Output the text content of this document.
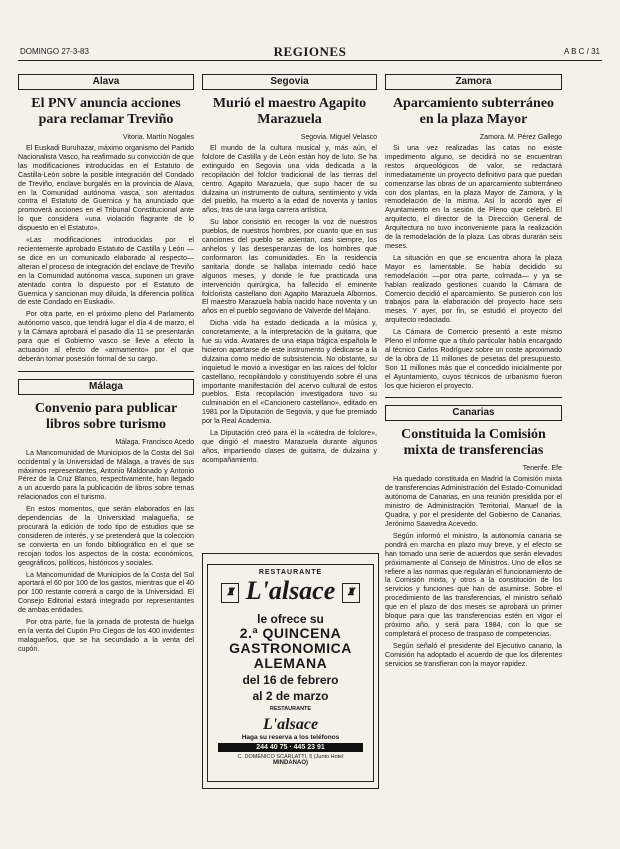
DOMINGO 27-3-83	REGIONES	A B C / 31
Alava
El PNV anuncia acciones para reclamar Treviño
Vitoria. Martín Nogales

El Euskadi Buruhazar, máximo organismo del Partido Nacionalista Vasco, ha reafirmado su convicción de que las modificaciones introducidas en el Estatuto de Castilla-León sobre la posible integración del Condado de Treviño, enclave burgalés en la provincia de Alava, en la Comunidad autónoma vasca, son atentados contra el Estatuto de Guernica y ha anunciado que promoverá acciones en el Tribunal Constitucional ante lo que considera «una violación flagrante de lo dispuesto en el Estatuto».

«Las modificaciones introducidas por el recientemente aprobado Estatuto de Castilla y León —se dice en un comunicado elaborado al respecto— alteran el proceso de integración del enclave de Treviño en la Comunidad autónoma vasca, suponen un grave atentado contra lo dispuesto por el Estatuto de Guernica y sancionan muy diluida, la diferencia política de este Condado en Euskadi».

Por otra parte, en el próximo pleno del Parlamento autónomo vasco, que tendrá lugar el día 4 de marzo, el y la Cámara aprobará el pasado día 11 se presentarán para que el Gobierno vasco se lleve a efecto la actuación al efecto de «armamento» por el que deberán tomar posesión formal de su cargo.

Málaga
Convenio para publicar libros sobre turismo
Málaga. Francisco Acedo

La Mancomunidad de Municipios de la Costa del Sol occidental y la Universidad de Málaga, a través de sus máximos representantes, Antonio Maldonado y Antonio Pérez de la Cruz Blanco, respectivamente, han llegado a un acuerdo para la publicación de libros sobre temas relacionados con el turismo.

En estos momentos, que serán elaborados en las dependencias de la Universidad malagueña, se procurará la edición de todo tipo de estudios que se consideren de interés, y se pretenderá que la colección se convierta en un fondo bibliográfico en el que se recojan todos los aspectos de la costa: económicos, geográficos, políticos, históricos y sociales.

La Mancomunidad de Municipios de la Costa del Sol aportará el 60 por 100 de los gastos, mientras que el 40 por 100 restante correrá a cargo de la Universidad. El Consejo Editorial estará integrado por representantes de ambas entidades.

Por otra parte, fue la jornada de protesta de huelga en la venta del Cupón Pro Ciegos de los 400 invidentes malagueños, que se ha secundado a la venta del cupón.

Segovia
Murió el maestro Agapito Marazuela
Segovia. Miguel Velasco

El mundo de la cultura musical y, más aún, el folclore de Castilla y de León están hoy de luto. Se ha extinguido en Segovia una vida dedicada a la recopilación del folclor tradicional de las tierras del centro. Agapito Marazuela, que supo hacer de su dulzaina un instrumento de cultura, sentimiento y vida del pueblo, ha muerto a la edad de noventa y tantos años, tras de una larga carrera artística.

Su labor consistió en recoger la voz de nuestros pueblos, de nuestros hombres, por cuanto que en sus canciones del pueblo se asientan, casi siempre, los anhelos y las desesperanzas de los hombres que conformaron las comunidades. En la residencia sanitaria donde se hallaba internado cedió hace algunos meses, y donde le fue practicada una intervención quirúrgica, ha fallecido el eminente folclorista castellano don Agapito Marazuela Albornos. El maestro Marazuela había nacido hace noventa y un años en el pueblo segoviano de Valverde del Majano.

Dicha vida ha estado dedicada a la música y, concretamente, a la interpretación de la guitarra, que fue su vida. Avatares de una etapa trágica española le hicieron apartarse de este instrumento y dedicarse a la dulzaina como medio de subsistencia. No obstante, su inquietud le movió a investigar en las raíces del folclor castellano, recopilándolo y constituyendo sobre él una importante manifestación del acervo cultural de estos pueblos. Esta recopilación investigadora tuvo su culminación en el «Cancionero castellano», editado en 1981 por la Diputación de Segovia, y que fue premiado por la Real Academia.

La Diputación creó para él la «cátedra de folclore», que dirigió el maestro Marazuela durante algunos años, impartiendo clases de guitarra, de dulzaina y acompañamiento.

RESTAURANTE
♜ L'alsace ♜
le ofrece su
2.ª QUINCENA
GASTRONOMICA
ALEMANA
del 16 de febrero
al 2 de marzo
RESTAURANTE
L'alsace
Haga su reserva a los teléfonos
244 40 75 · 445 23 91
C. DOMENICO SCARLATTI, 5 (Junto Hotel
MINDANAO)
Zamora
Aparcamiento subterráneo en la plaza Mayor
Zamora. M. Pérez Gallego

Si una vez realizadas las catas no existe impedimento alguno, se decidirá no se encuentran restos arqueológicos de valor, se redactará inmediatamente un proyecto definitivo para que puedan comenzarse las obras de un aparcamiento subterráneo con dos plantas, en la plaza Mayor de Zamora, y la remodelación de la misma. Así lo acordó ayer el Ayuntamiento en la sesión de Pleno que celebró. El arquitecto, el director de la Dirección General de Arquitectura no tuvo inconveniente para la realización de la remodelación de la plaza. Las obras durarán seis meses.

La situación en que se encuentra ahora la plaza Mayor es lamentable. Se había decidido su remodelación —por otra parte, colmada— y ya se habían realizado gestiones cuando la Cámara de Comercio decidió el aparcamiento. Se pusieron con los trabajos para la elaboración del proyecto hace seis meses. Y ayer, por fin, se estudió el proyecto del arquitecto redactado.

La Cámara de Comercio presentó a este mismo Pleno el informe que a título particular había encargado al técnico Carlos Rodríguez sobre un coste aproximado de la obra de 11 millones de pesetas del presupuesto. Son 11 millones más que el concedido inicialmente por el Ayuntamiento, cuyos técnicos de urbanismo fueron los que hicieron el proyecto.

Canarias
Constituida la Comisión mixta de transferencias
Tenerife. Efe

Ha quedado constituida en Madrid la Comisión mixta de transferencias Administración del Estado-Comunidad autónoma de Canarias, en una reunión presidida por el ministro de Administración Territorial, Manuel de la Quadra, y por el presidente del Gobierno de Canarias, Jerónimo Saavedra Acevedo.

Según informó el ministro, la autonomía canaria se pondrá en marcha en plazo muy breve, y el efecto se han tomado una serie de acuerdos que serán elevados próximamente al Consejo de Ministros. Uno de ellos se refiere a las normas que regularán el funcionamiento de la Comisión mixta, y otros a la constitución de los servicios y funciones que han de asumirse. Sobre el procedimiento de las transferencias, el ministro señaló que en el plazo de dos meses se aprobará un primer bloque para que las transferencias estén en vigor el próximo año, y será para 1984, con lo que se completará el proceso de traspaso de competencias.

Según señaló el presidente del Ejecutivo canario, la Comisión ha adoptado el acuerdo de que los diferentes servicios se transfieran con la mayor rapidez.
